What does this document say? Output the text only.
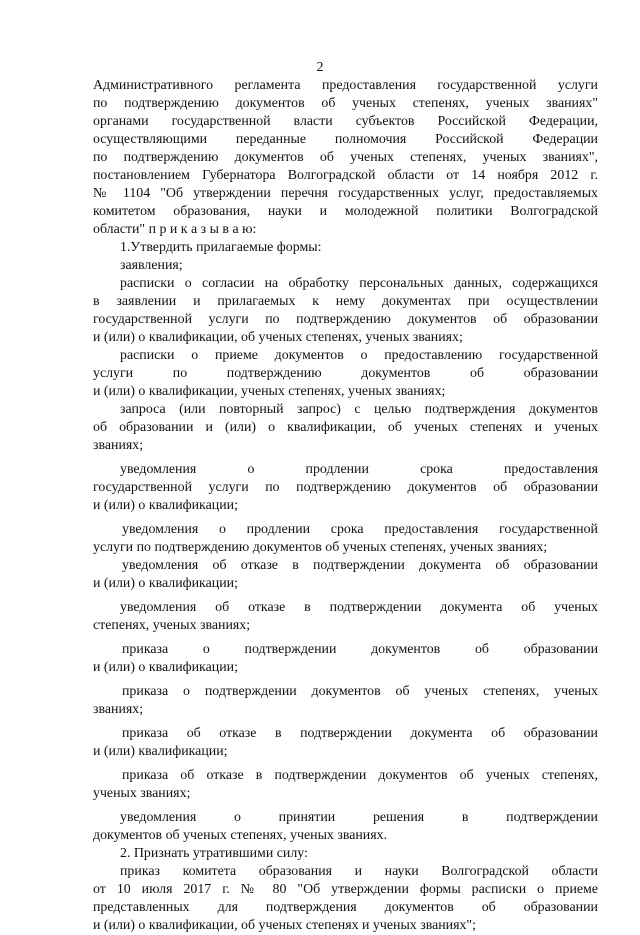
2
Административного регламента предоставления государственной услуги
по подтверждению документов об ученых степенях, ученых званиях"
органами государственной власти субъектов Российской Федерации,
осуществляющими переданные полномочия Российской Федерации
по подтверждению документов об ученых степенях, ученых званиях",
постановлением Губернатора Волгоградской области от 14 ноября 2012 г.
№ 1104 "Об утверждении перечня государственных услуг, предоставляемых
комитетом образования, науки и молодежной политики Волгоградской
области" п р и к а з ы в а ю:
1.Утвердить прилагаемые формы:
заявления;
расписки о согласии на обработку персональных данных, содержащихся
в заявлении и прилагаемых к нему документах при осуществлении
государственной услуги по подтверждению документов об образовании
и (или) о квалификации, об ученых степенях, ученых званиях;
расписки о приеме документов о предоставлению государственной
услуги по подтверждению документов об образовании
и (или) о квалификации, ученых степенях, ученых званиях;
запроса (или повторный запрос) с целью подтверждения документов
об образовании и (или) о квалификации, об ученых степенях и ученых
званиях;
уведомления о продлении срока предоставления
государственной услуги по подтверждению документов об образовании
и (или) о квалификации;
уведомления о продлении срока предоставления государственной
услуги по подтверждению документов об ученых степенях, ученых званиях;
уведомления об отказе в подтверждении документа об образовании
и (или) о квалификации;
уведомления об отказе в подтверждении документа об ученых
степенях, ученых званиях;
приказа о подтверждении документов об образовании
и (или) о квалификации;
приказа о подтверждении документов об ученых степенях, ученых
званиях;
приказа об отказе в подтверждении документа об образовании
и (или) квалификации;
приказа об отказе в подтверждении документов об ученых степенях,
ученых званиях;
уведомления о принятии решения в подтверждении
документов об ученых степенях, ученых званиях.
2. Признать утратившими силу:
приказ комитета образования и науки Волгоградской области
от 10 июля 2017 г. № 80 "Об утверждении формы расписки о приеме
представленных для подтверждения документов об образовании
и (или) о квалификации, об ученых степенях и ученых званиях";
